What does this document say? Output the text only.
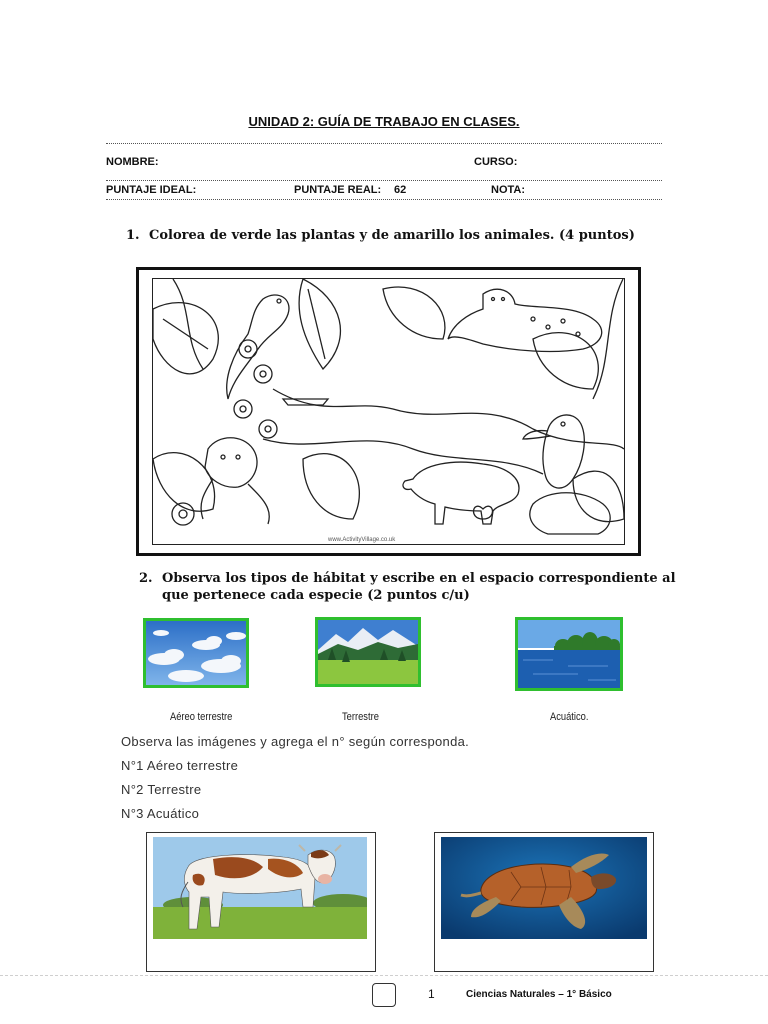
UNIDAD 2: GUÍA DE TRABAJO EN CLASES.
NOMBRE:	CURSO:
PUNTAJE IDEAL:	PUNTAJE REAL: 62	NOTA:
1. Colorea de verde las plantas y de amarillo los animales. (4 puntos)
www.ActivityVillage.co.uk
2. Observa los tipos de hábitat y escribe en el espacio correspondiente al
que pertenece cada especie (2 puntos c/u)
Aéreo terrestre	Terrestre	Acuático.
Observa las imágenes y agrega el n° según corresponda.
N°1 Aéreo terrestre
N°2 Terrestre
N°3 Acuático
1	Ciencias Naturales – 1° Básico
